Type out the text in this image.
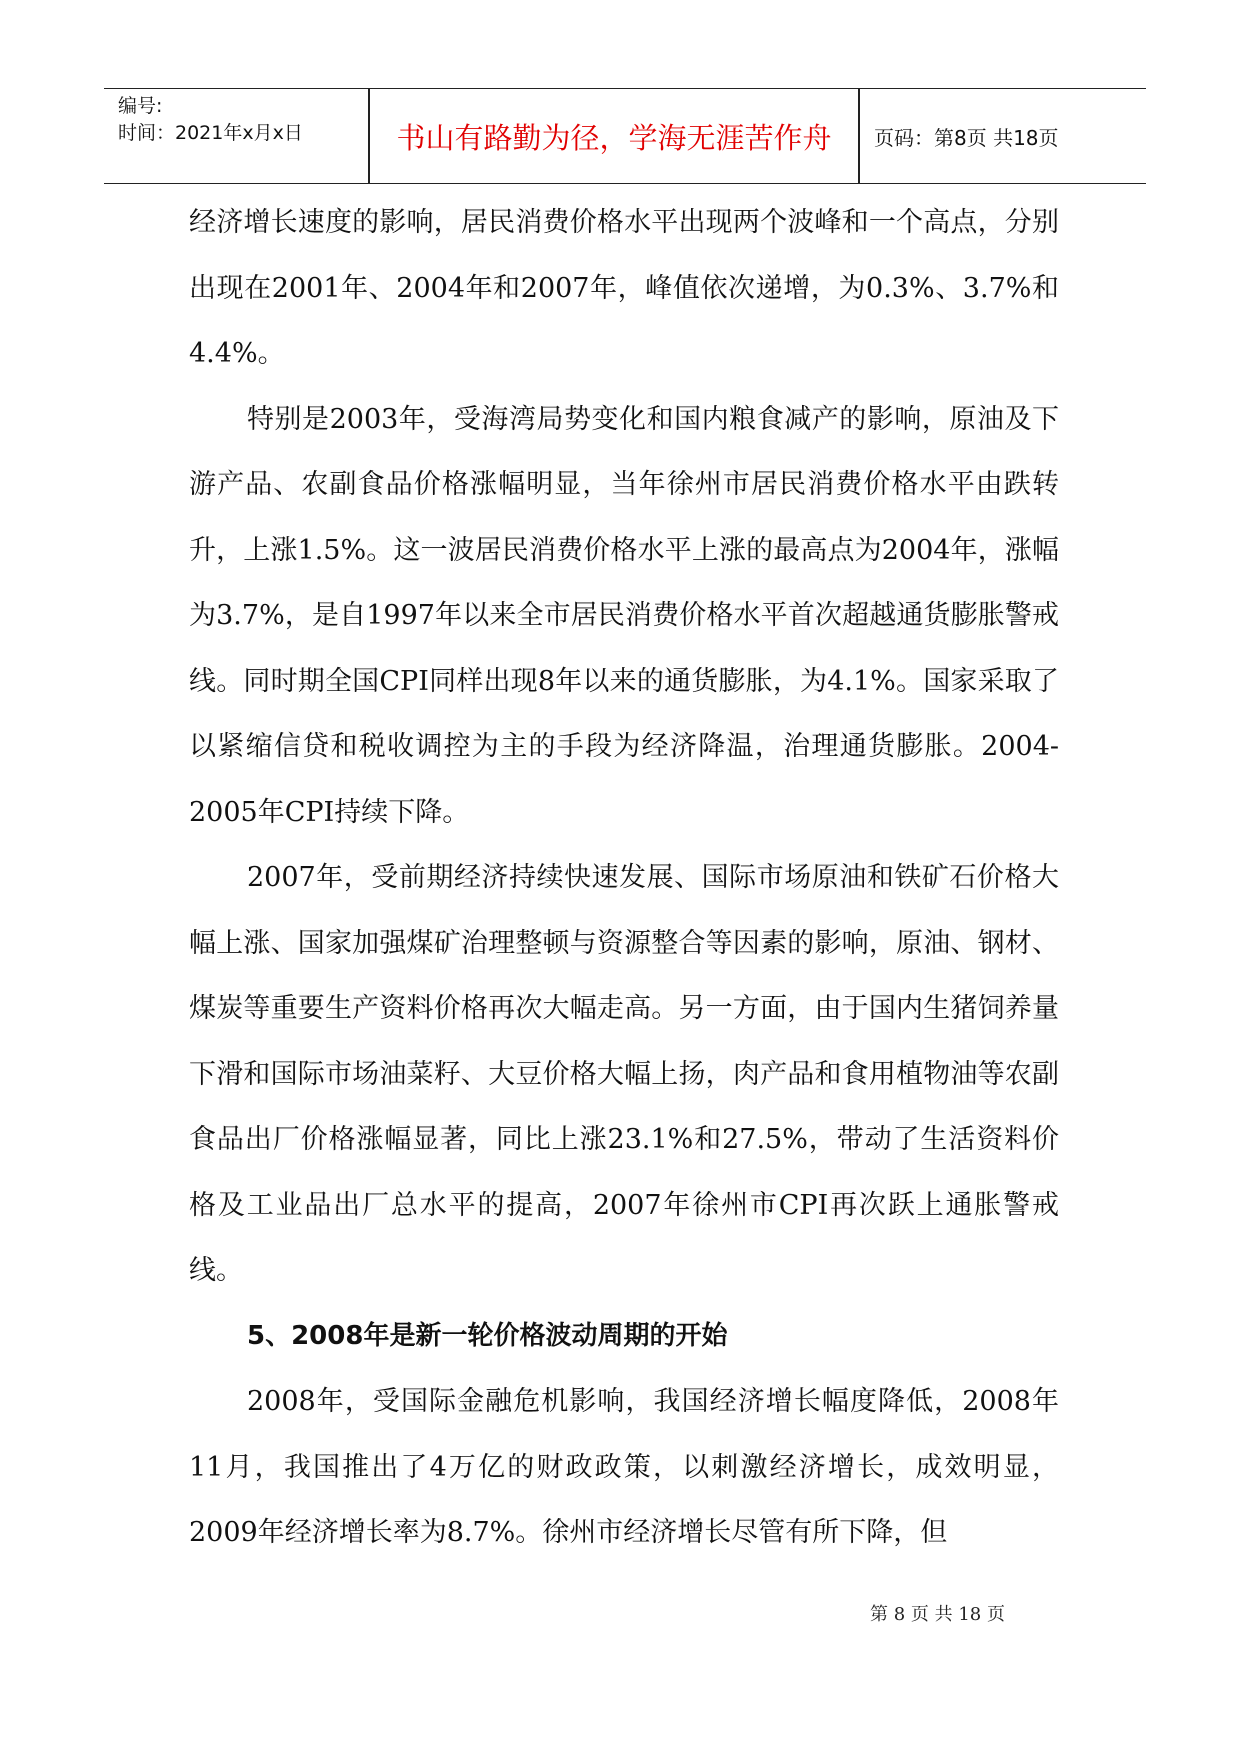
编号:
时间：2021年x月x日	书山有路勤为径，学海无涯苦作舟	页码：第8页 共18页

经济增长速度的影响，居民消费价格水平出现两个波峰和一个高点，分别出现在2001年、2004年和2007年，峰值依次递增，为0.3%、3.7%和4.4%。

特别是2003年，受海湾局势变化和国内粮食减产的影响，原油及下游产品、农副食品价格涨幅明显，当年徐州市居民消费价格水平由跌转升，上涨1.5%。这一波居民消费价格水平上涨的最高点为2004年，涨幅为3.7%，是自1997年以来全市居民消费价格水平首次超越通货膨胀警戒线。同时期全国CPI同样出现8年以来的通货膨胀，为4.1%。国家采取了以紧缩信贷和税收调控为主的手段为经济降温，治理通货膨胀。2004-2005年CPI持续下降。

2007年，受前期经济持续快速发展、国际市场原油和铁矿石价格大幅上涨、国家加强煤矿治理整顿与资源整合等因素的影响，原油、钢材、煤炭等重要生产资料价格再次大幅走高。另一方面，由于国内生猪饲养量下滑和国际市场油菜籽、大豆价格大幅上扬，肉产品和食用植物油等农副食品出厂价格涨幅显著，同比上涨23.1%和27.5%，带动了生活资料价格及工业品出厂总水平的提高，2007年徐州市CPI再次跃上通胀警戒线。

5、2008年是新一轮价格波动周期的开始

2008年，受国际金融危机影响，我国经济增长幅度降低，2008年11月，我国推出了4万亿的财政政策，以刺激经济增长，成效明显，2009年经济增长率为8.7%。徐州市经济增长尽管有所下降，但

第 8 页 共 18 页
